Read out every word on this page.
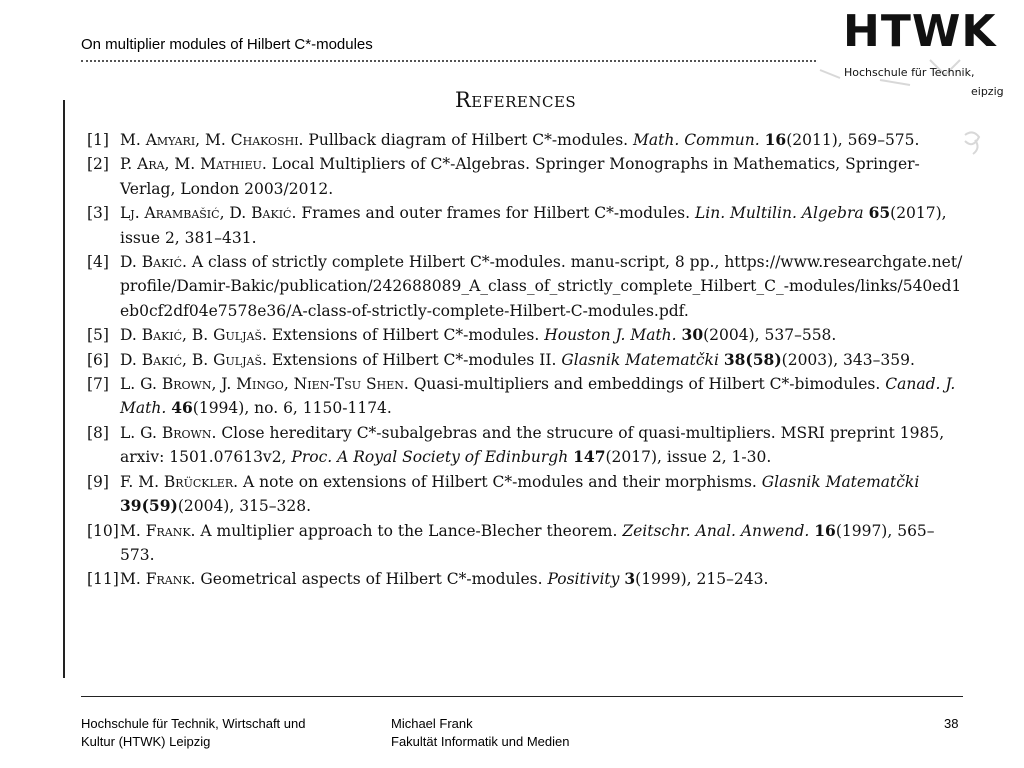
On multiplier modules of Hilbert C*-modules	HTWK
Hochschule für Technik,
eipzig
References
[1] M. Amyari, M. Chakoshi. Pullback diagram of Hilbert C*-modules. Math. Commun. 16(2011), 569–575.
[2] P. Ara, M. Mathieu. Local Multipliers of C*-Algebras. Springer Monographs in Mathematics, Springer-Verlag, London 2003/2012.
[3] Lj. Arambašić, D. Bakić. Frames and outer frames for Hilbert C*-modules. Lin. Multilin. Algebra 65(2017), issue 2, 381–431.
[4] D. Bakić. A class of strictly complete Hilbert C*-modules. manu-script, 8 pp., https://www.researchgate.net/profile/Damir-Bakic/publication/242688089_A_class_of_strictly_complete_Hilbert_C_-modules/links/540ed1eb0cf2df04e7578e36/A-class-of-strictly-complete-Hilbert-C-modules.pdf.
[5] D. Bakić, B. Guljaš. Extensions of Hilbert C*-modules. Houston J. Math. 30(2004), 537–558.
[6] D. Bakić, B. Guljaš. Extensions of Hilbert C*-modules II. Glasnik Matematčki 38(58)(2003), 343–359.
[7] L. G. Brown, J. Mingo, Nien-Tsu Shen. Quasi-multipliers and embeddings of Hilbert C*-bimodules. Canad. J. Math. 46(1994), no. 6, 1150-1174.
[8] L. G. Brown. Close hereditary C*-subalgebras and the strucure of quasi-multipliers. MSRI preprint 1985, arxiv: 1501.07613v2, Proc. A Royal Society of Edinburgh 147(2017), issue 2, 1-30.
[9] F. M. Brückler. A note on extensions of Hilbert C*-modules and their morphisms. Glasnik Matematčki 39(59)(2004), 315–328.
[10] M. Frank. A multiplier approach to the Lance-Blecher theorem. Zeitschr. Anal. Anwend. 16(1997), 565–573.
[11] M. Frank. Geometrical aspects of Hilbert C*-modules. Positivity 3(1999), 215–243.
Hochschule für Technik, Wirtschaft und
Kultur (HTWK) Leipzig
Michael Frank
Fakultät Informatik und Medien
38
